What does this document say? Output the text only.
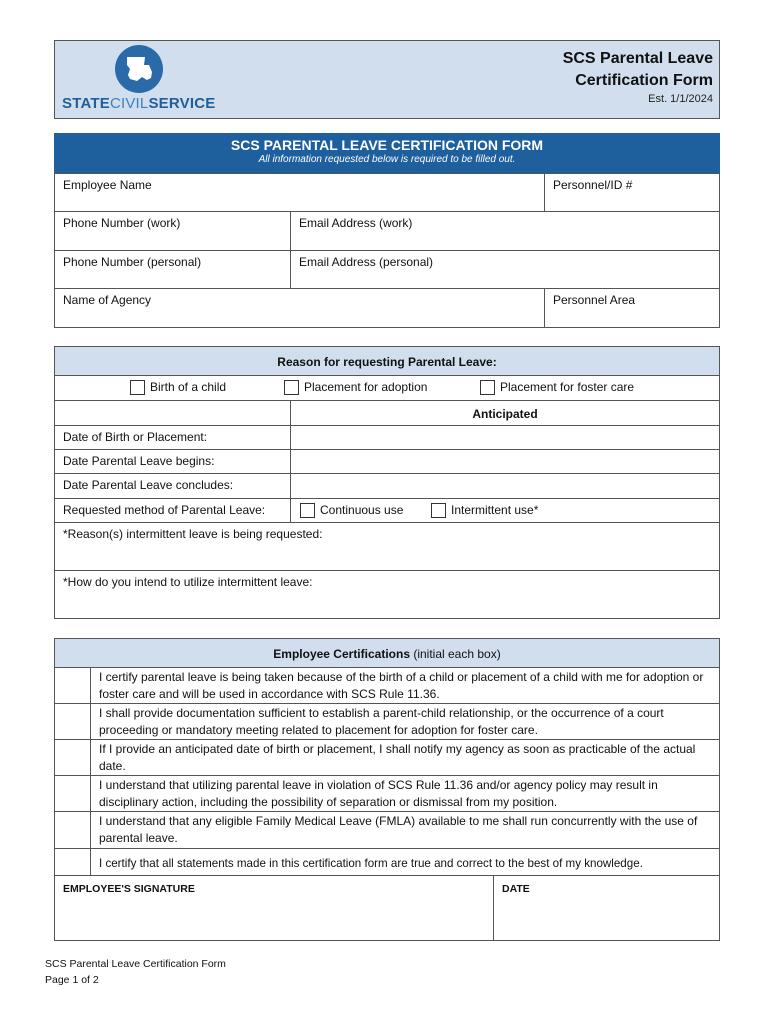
STATECIVILSERVICE
SCS Parental Leave
Certification Form
Est. 1/1/2024
SCS PARENTAL LEAVE CERTIFICATION FORM
All information requested below is required to be filled out.
Employee Name	Personnel/ID #
Phone Number (work)	Email Address (work)
Phone Number (personal)	Email Address (personal)
Name of Agency	Personnel Area
Reason for requesting Parental Leave:
Birth of a child	Placement for adoption	Placement for foster care
Anticipated
Date of Birth or Placement:
Date Parental Leave begins:
Date Parental Leave concludes:
Requested method of Parental Leave:	Continuous use	Intermittent use*
*Reason(s) intermittent leave is being requested:
*How do you intend to utilize intermittent leave:
Employee Certifications (initial each box)
I certify parental leave is being taken because of the birth of a child or placement of a child with me for adoption or foster care and will be used in accordance with SCS Rule 11.36.
I shall provide documentation sufficient to establish a parent-child relationship, or the occurrence of a court proceeding or mandatory meeting related to placement for adoption for foster care.
If I provide an anticipated date of birth or placement, I shall notify my agency as soon as practicable of the actual date.
I understand that utilizing parental leave in violation of SCS Rule 11.36 and/or agency policy may result in disciplinary action, including the possibility of separation or dismissal from my position.
I understand that any eligible Family Medical Leave (FMLA) available to me shall run concurrently with the use of parental leave.
I certify that all statements made in this certification form are true and correct to the best of my knowledge.
EMPLOYEE'S SIGNATURE	DATE
SCS Parental Leave Certification Form
Page 1 of 2
